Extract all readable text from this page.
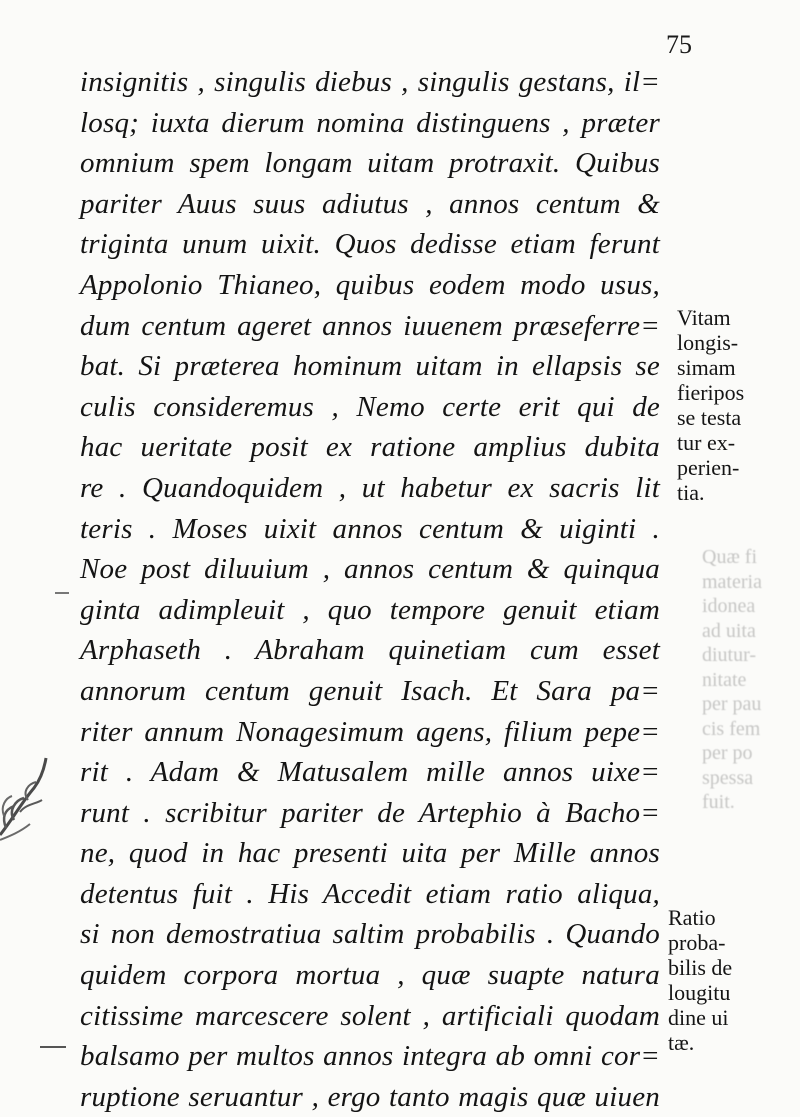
75
insignitis , singulis diebus , singulis gestans, il=
losq; iuxta dierum nomina distinguens , præter
omnium spem longam uitam protraxit. Quibus
pariter Auus suus adiutus , annos centum &
triginta unum uixit. Quos dedisse etiam ferunt
Appolonio Thianeo, quibus eodem modo usus,
dum centum ageret annos iuuenem præseferre=
bat. Si præterea hominum uitam in ellapsis se
culis consideremus , Nemo certe erit qui de
hac ueritate posit ex ratione amplius dubita
re . Quandoquidem , ut habetur ex sacris lit
teris . Moses uixit annos centum & uiginti .
Noe post diluuium , annos centum & quinqua
ginta adimpleuit , quo tempore genuit etiam
Arphaseth . Abraham quinetiam cum esset
annorum centum genuit Isach. Et Sara pa=
riter annum Nonagesimum agens, filium pepe=
rit . Adam & Matusalem mille annos uixe=
runt . scribitur pariter de Artephio à Bacho=
ne, quod in hac presenti uita per Mille annos
detentus fuit . His Accedit etiam ratio aliqua,
si non demostratiua saltim probabilis . Quando
quidem corpora mortua , quæ suapte natura
citissime marcescere solent , artificiali quodam
balsamo per multos annos integra ab omni cor=
ruptione seruantur , ergo tanto magis quæ uiuen
Vitam
longis-
simam
fieripos
se testa
tur ex-
perien-
tia.
Ratio
proba-
bilis de
lougitu
dine ui
tæ.
Quæ fi
materia
idonea
ad uita
diutur-
nitate
per pau
cis fem
per po
spessa
fuit.
